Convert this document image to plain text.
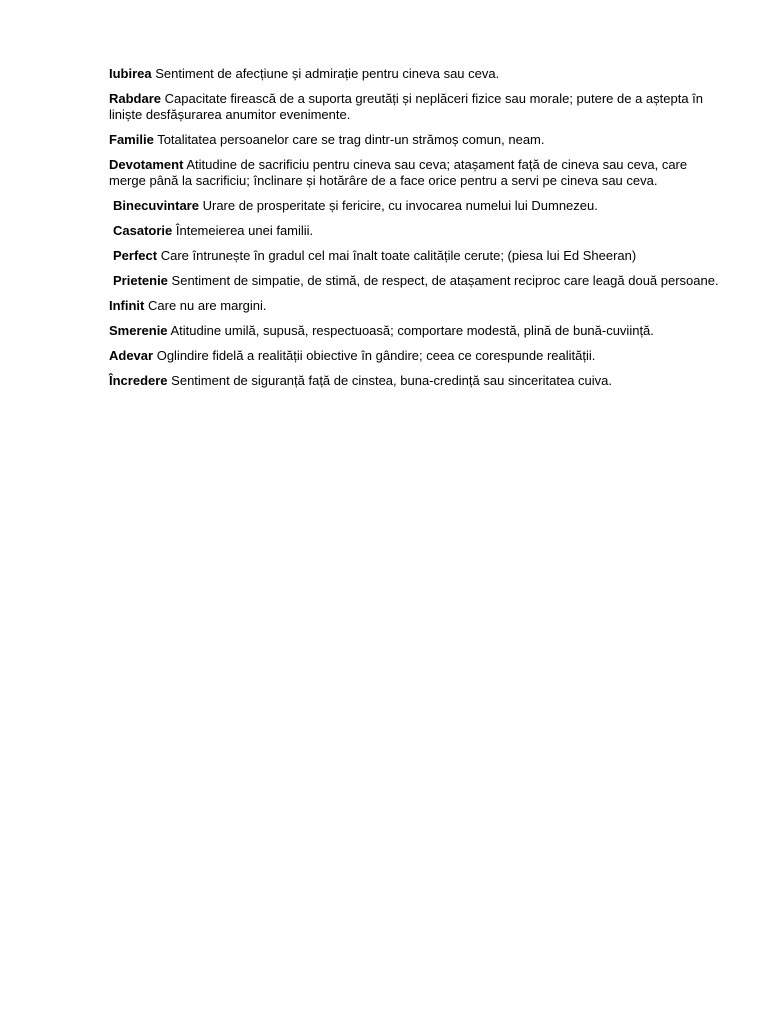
Iubirea Sentiment de afecțiune și admirație pentru cineva sau ceva.

Rabdare Capacitate firească de a suporta greutăți și neplăceri fizice sau morale; putere de a aștepta în liniște desfășurarea anumitor evenimente.

Familie Totalitatea persoanelor care se trag dintr-un strămoș comun, neam.

Devotament Atitudine de sacrificiu pentru cineva sau ceva; atașament față de cineva sau ceva, care merge până la sacrificiu; înclinare și hotărâre de a face orice pentru a servi pe cineva sau ceva.

Binecuvintare Urare de prosperitate și fericire, cu invocarea numelui lui Dumnezeu.

Casatorie Întemeierea unei familii.

Perfect Care întrunește în gradul cel mai înalt toate calitățile cerute; (piesa lui Ed Sheeran)

Prietenie Sentiment de simpatie, de stimă, de respect, de atașament reciproc care leagă două persoane.

Infinit Care nu are margini.

Smerenie Atitudine umilă, supusă, respectuoasă; comportare modestă, plină de bună-cuviință.

Adevar Oglindire fidelă a realității obiective în gândire; ceea ce corespunde realității.

Încredere Sentiment de siguranță față de cinstea, buna-credință sau sinceritatea cuiva.
